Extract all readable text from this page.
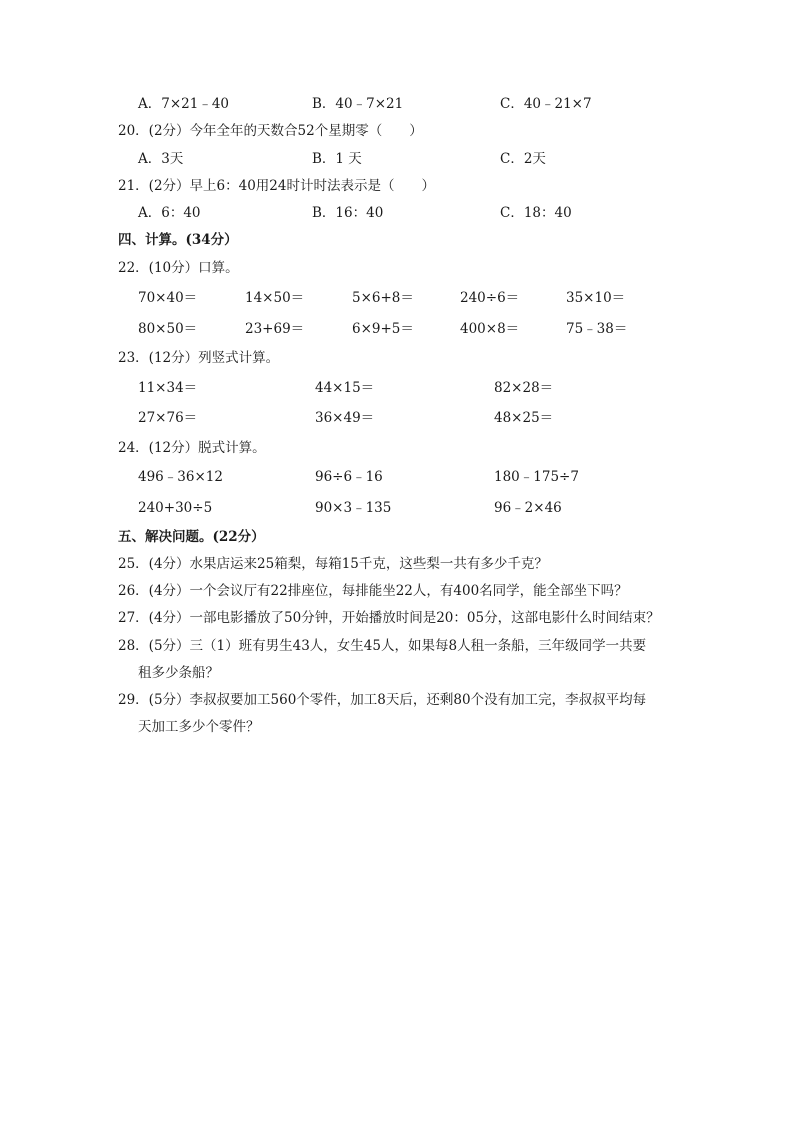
A．7×21﹣40	B．40﹣7×21	C．40﹣21×7
20．(2分）今年全年的天数合52个星期零（　　）
A．3天	B．1 天	C．2天
21．(2分）早上6：40用24时计时法表示是（　　）
A．6：40	B．16：40	C．18：40
四、计算。(34分）
22．(10分）口算。
70×40＝	14×50＝	5×6+8＝	240÷6＝	35×10＝
80×50＝	23+69＝	6×9+5＝	400×8＝	75﹣38＝
23．(12分）列竖式计算。
11×34＝	44×15＝	82×28＝
27×76＝	36×49＝	48×25＝
24．(12分）脱式计算。
496﹣36×12	96÷6﹣16	180﹣175÷7
240+30÷5	90×3﹣135	96﹣2×46
五、解决问题。(22分）
25．(4分）水果店运来25箱梨，每箱15千克，这些梨一共有多少千克？
26．(4分）一个会议厅有22排座位，每排能坐22人，有400名同学，能全部坐下吗？
27．(4分）一部电影播放了50分钟，开始播放时间是20：05分，这部电影什么时间结束？
28．(5分）三（1）班有男生43人，女生45人，如果每8人租一条船，三年级同学一共要
租多少条船？
29．(5分）李叔叔要加工560个零件，加工8天后，还剩80个没有加工完，李叔叔平均每
天加工多少个零件？
